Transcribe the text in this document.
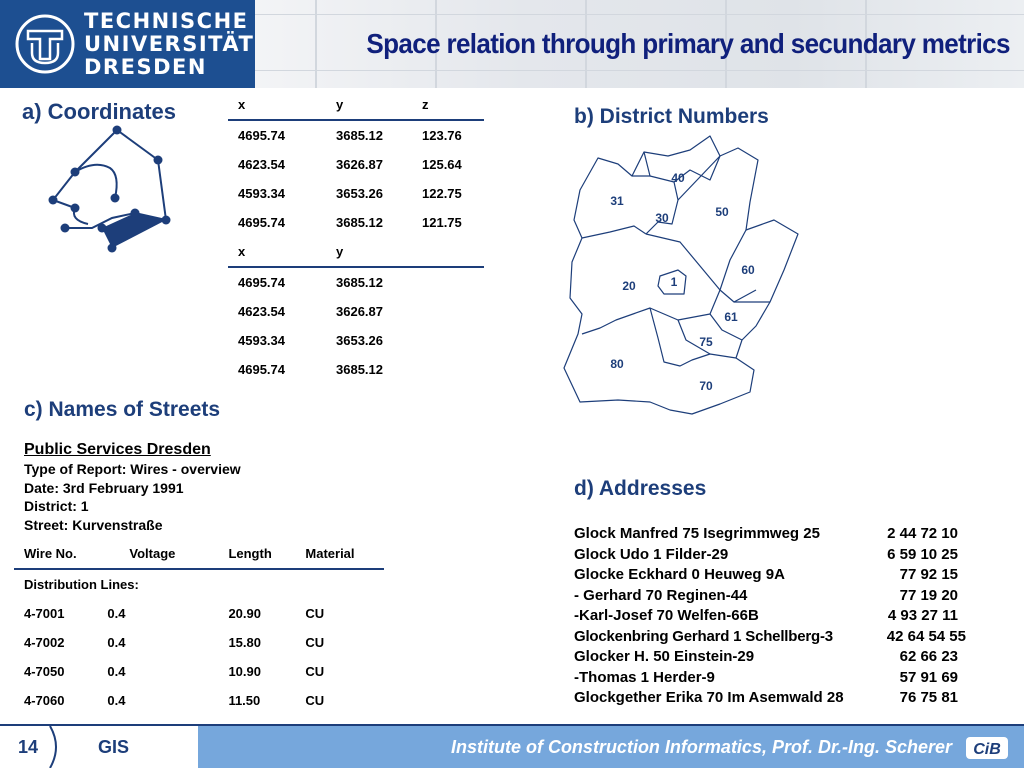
TECHNISCHE
UNIVERSITÄT
DRESDEN
Space relation through primary and secundary metrics
a) Coordinates	x	y	z
4695.74	3685.12	123.76
4623.54	3626.87	125.64
4593.34	3653.26	122.75
4695.74	3685.12	121.75
x	y	
4695.74	3685.12	
4623.54	3626.87	
4593.34	3653.26	
4695.74	3685.12	
b) District Numbers
31
40
30	50
20	1
60
61
75
80
70
c) Names of Streets
Public Services Dresden
Type of Report: Wires - overview
Date: 3rd February 1991
District: 1
Street: Kurvenstraße
Wire No.	Voltage	Length	Material
Distribution Lines:			
4-7001	0.4	20.90	CU
4-7002	0.4	15.80	CU
4-7050	0.4	10.90	CU
4-7060	0.4	11.50	CU
d) Addresses
Glock Manfred 75 Isegrimmweg 25	2 44 72 10
Glock Udo 1 Filder-29	6 59 10 25
Glocke Eckhard 0 Heuweg 9A	77 92 15
- Gerhard 70 Reginen-44	77 19 20
-Karl-Josef 70 Welfen-66B	4 93 27 11
Glockenbring Gerhard 1 Schellberg-3	42 64 54 55
Glocker H. 50 Einstein-29	62 66 23
-Thomas 1 Herder-9	57 91 69
Glockgether Erika 70 Im Asemwald 28	76 75 81
14	GIS	Institute of Construction Informatics, Prof. Dr.-Ing. Scherer CiB
